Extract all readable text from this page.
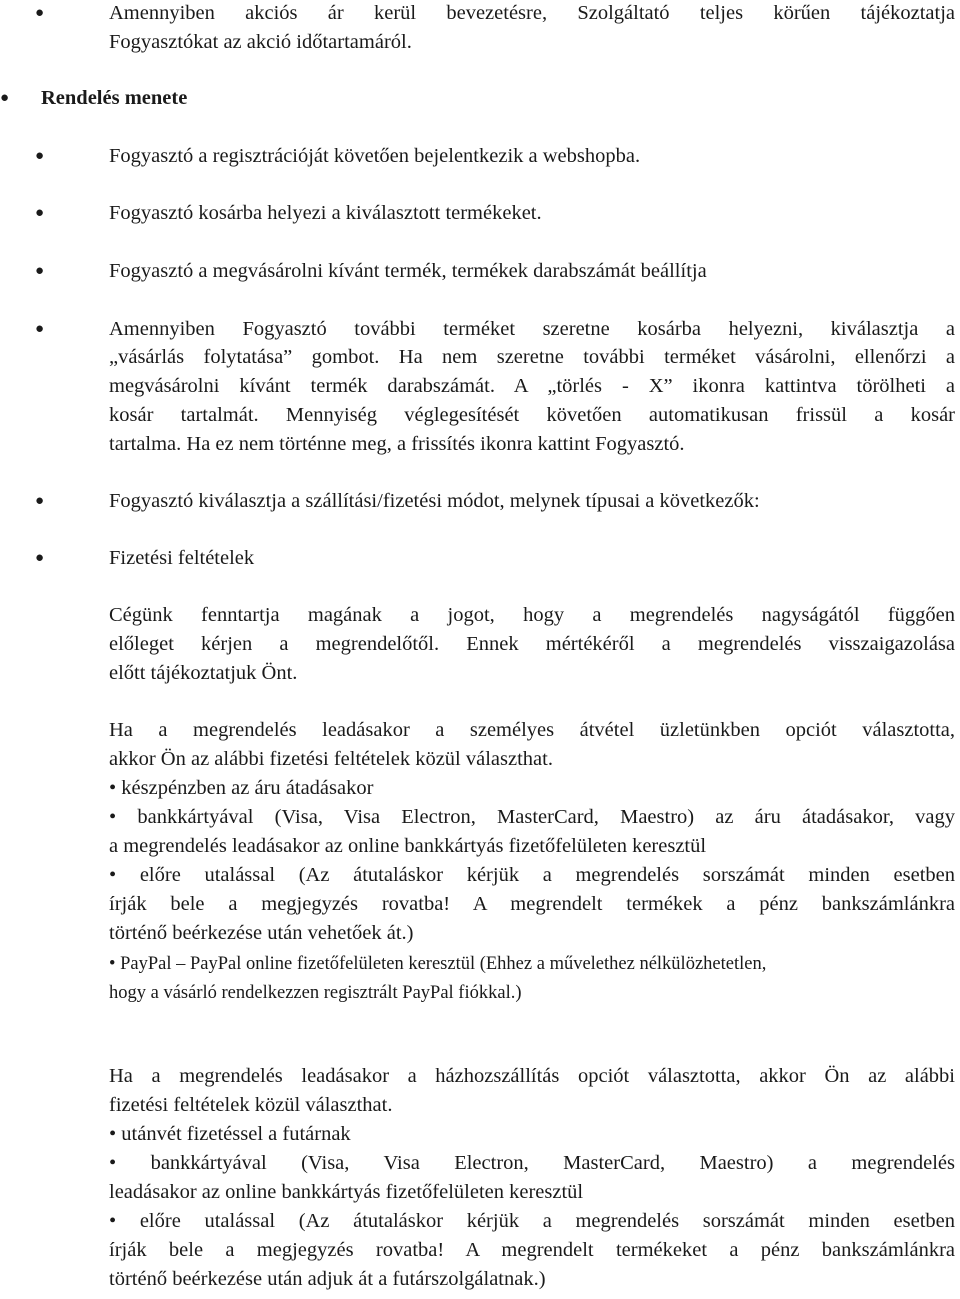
●
●
●
●
●
●
●
●
Amennyiben akciós ár kerül bevezetésre, Szolgáltató teljes körűen tájékoztatja
Fogyasztókat az akció időtartamáról.
Rendelés menete
Fogyasztó a regisztrációját követően bejelentkezik a webshopba.
Fogyasztó kosárba helyezi a kiválasztott termékeket.
Fogyasztó a megvásárolni kívánt termék, termékek darabszámát beállítja
Amennyiben Fogyasztó további terméket szeretne kosárba helyezni, kiválasztja a
„vásárlás folytatása” gombot. Ha nem szeretne további terméket vásárolni, ellenőrzi a
megvásárolni kívánt termék darabszámát. A „törlés - X” ikonra kattintva törölheti a
kosár tartalmát. Mennyiség véglegesítését követően automatikusan frissül a kosár
tartalma. Ha ez nem történne meg, a frissítés ikonra kattint Fogyasztó.
Fogyasztó kiválasztja a szállítási/fizetési módot, melynek típusai a következők:
Fizetési feltételek
Cégünk fenntartja magának a jogot, hogy a megrendelés nagyságától függően
előleget kérjen a megrendelőtől. Ennek mértékéről a megrendelés visszaigazolása
előtt tájékoztatjuk Önt.
Ha a megrendelés leadásakor a személyes átvétel üzletünkben opciót választotta,
akkor Ön az alábbi fizetési feltételek közül választhat.
• készpénzben az áru átadásakor
• bankkártyával (Visa, Visa Electron, MasterCard, Maestro) az áru átadásakor, vagy
a megrendelés leadásakor az online bankkártyás fizetőfelületen keresztül
• előre utalással (Az átutaláskor kérjük a megrendelés sorszámát minden esetben
írják bele a megjegyzés rovatba! A megrendelt termékek a pénz bankszámlánkra
történő beérkezése után vehetőek át.)
• PayPal – PayPal online fizetőfelületen keresztül (Ehhez a művelethez nélkülözhetetlen,
hogy a vásárló rendelkezzen regisztrált PayPal fiókkal.)
Ha a megrendelés leadásakor a házhozszállítás opciót választotta, akkor Ön az alábbi
fizetési feltételek közül választhat.
• utánvét fizetéssel a futárnak
• bankkártyával (Visa, Visa Electron, MasterCard, Maestro) a megrendelés
leadásakor az online bankkártyás fizetőfelületen keresztül
• előre utalással (Az átutaláskor kérjük a megrendelés sorszámát minden esetben
írják bele a megjegyzés rovatba! A megrendelt termékeket a pénz bankszámlánkra
történő beérkezése után adjuk át a futárszolgálatnak.)
